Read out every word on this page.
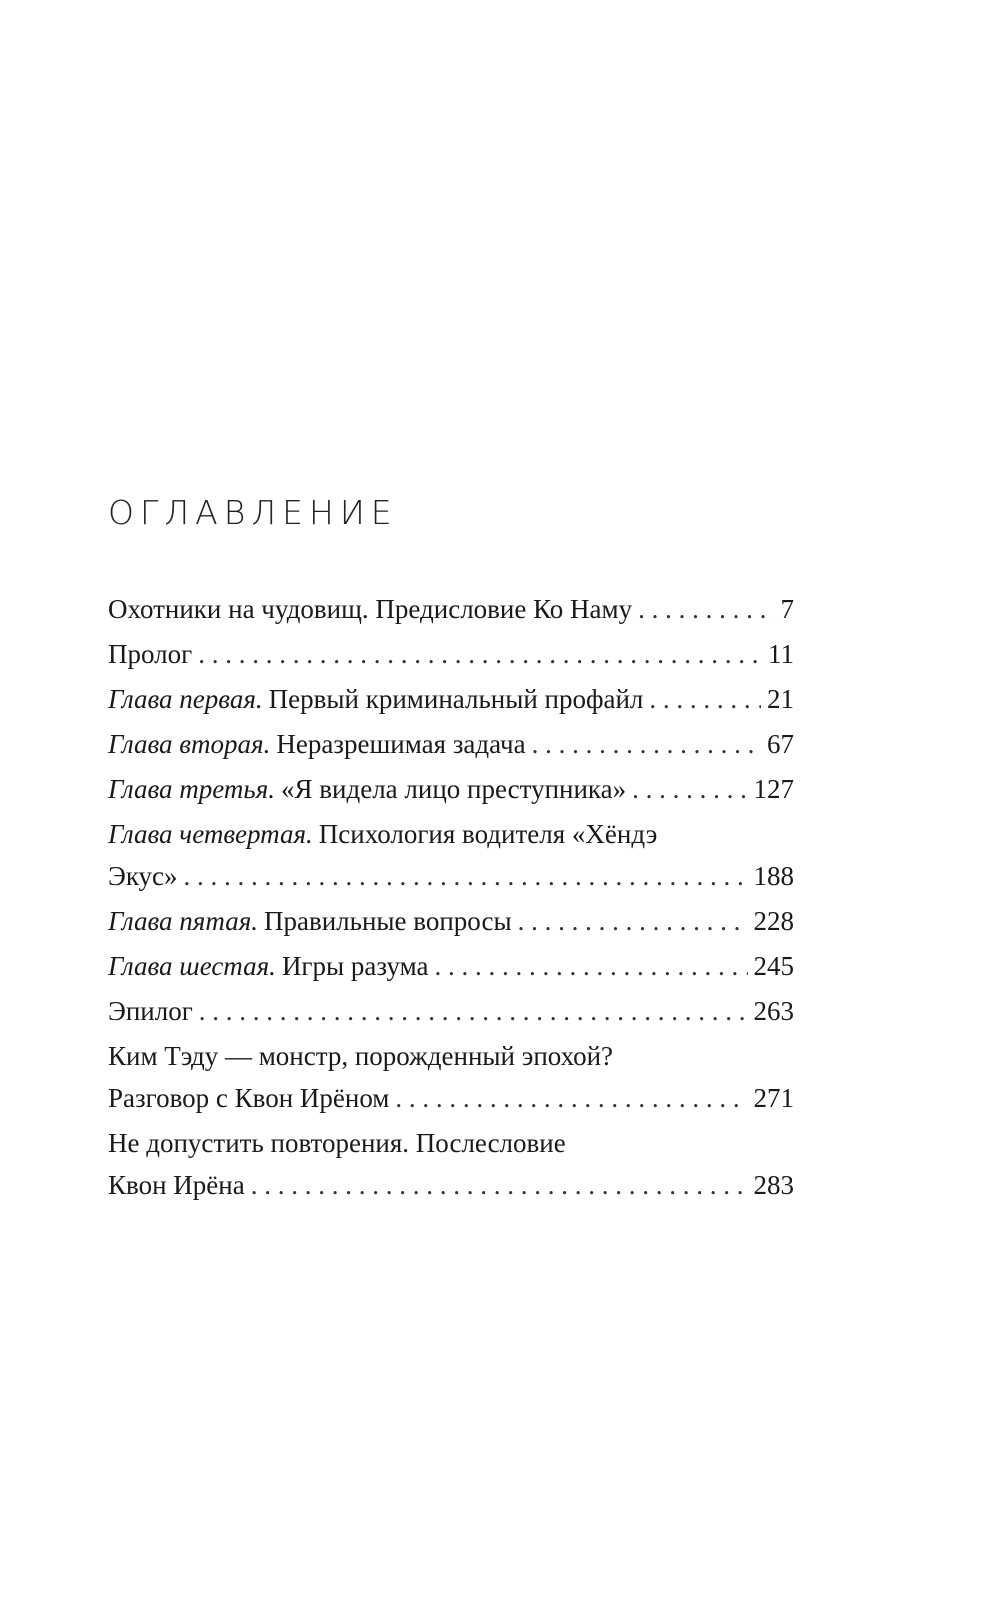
ОГЛАВЛЕНИЕ
Охотники на чудовищ. Предисловие Ко Наму . . .	7
Пролог . . .	11
Глава первая. Первый криминальный профайл . . .	21
Глава вторая. Неразрешимая задача . . .	67
Глава третья. «Я видела лицо преступника» . . .	127
Глава четвертая. Психология водителя «Хёндэ
Экус» . . .	188
Глава пятая. Правильные вопросы . . .	228
Глава шестая. Игры разума . . .	245
Эпилог . . .	263
Ким Тэду — монстр, порожденный эпохой?
Разговор с Квон Ирёном . . .	271
Не допустить повторения. Послесловие
Квон Ирёна . . .	283
